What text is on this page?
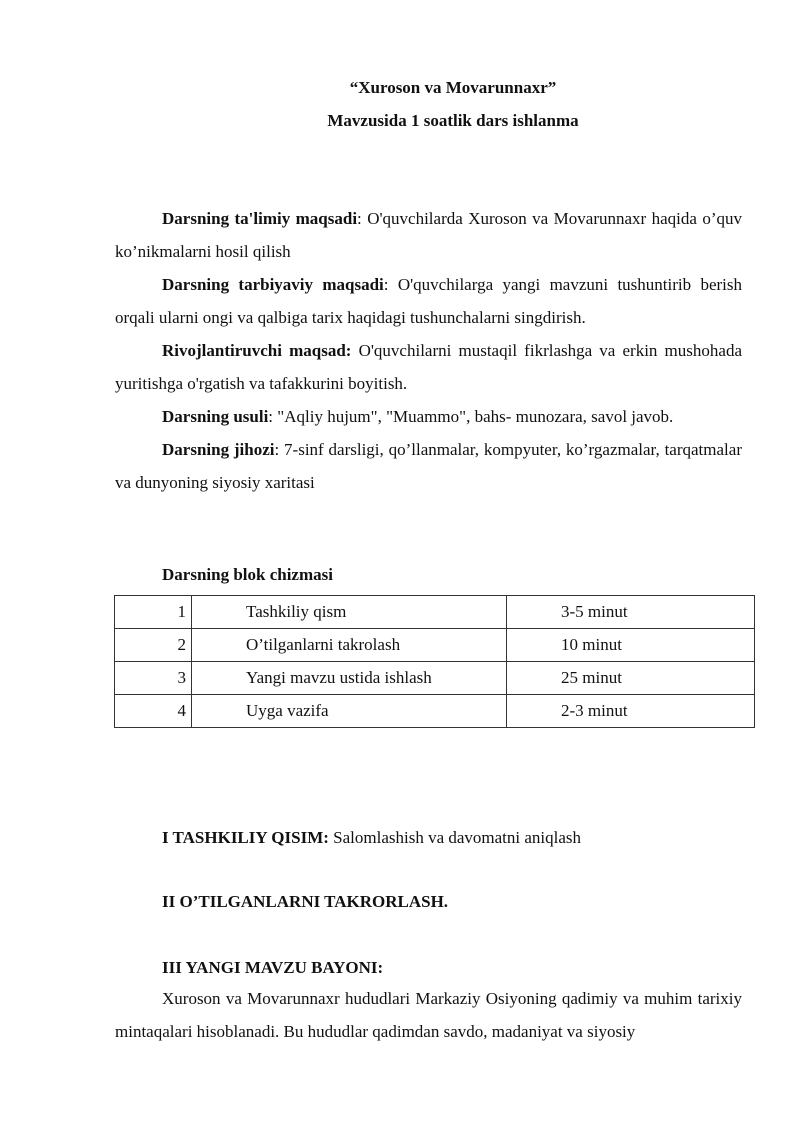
“Xuroson va Movarunnaxr”
Mavzusida 1 soatlik dars ishlanma
Darsning ta'limiy maqsadi: O'quvchilarda Xuroson va Movarunnaxr haqida o’quv ko’nikmalarni hosil qilish
Darsning tarbiyaviy maqsadi: O'quvchilarga yangi mavzuni tushuntirib berish orqali ularni ongi va qalbiga tarix haqidagi tushunchalarni singdirish.
Rivojlantiruvchi maqsad: O'quvchilarni mustaqil fikrlashga va erkin mushohada yuritishga o'rgatish va tafakkurini boyitish.
Darsning usuli: "Aqliy hujum", "Muammo", bahs- munozara, savol javob.
Darsning jihozi: 7-sinf darsligi, qo’llanmalar, kompyuter, ko’rgazmalar, tarqatmalar va dunyoning siyosiy xaritasi
Darsning blok chizmasi
1	Tashkiliy qism	3-5 minut
2	O’tilganlarni takrolash	10 minut
3	Yangi mavzu ustida ishlash	25 minut
4	Uyga vazifa	2-3 minut
I TASHKILIY QISIM: Salomlashish va davomatni aniqlash
II O’TILGANLARNI TAKRORLASH.
III YANGI MAVZU BAYONI:
Xuroson va Movarunnaxr hududlari Markaziy Osiyoning qadimiy va muhim tarixiy mintaqalari hisoblanadi. Bu hududlar qadimdan savdo, madaniyat va siyosiy
